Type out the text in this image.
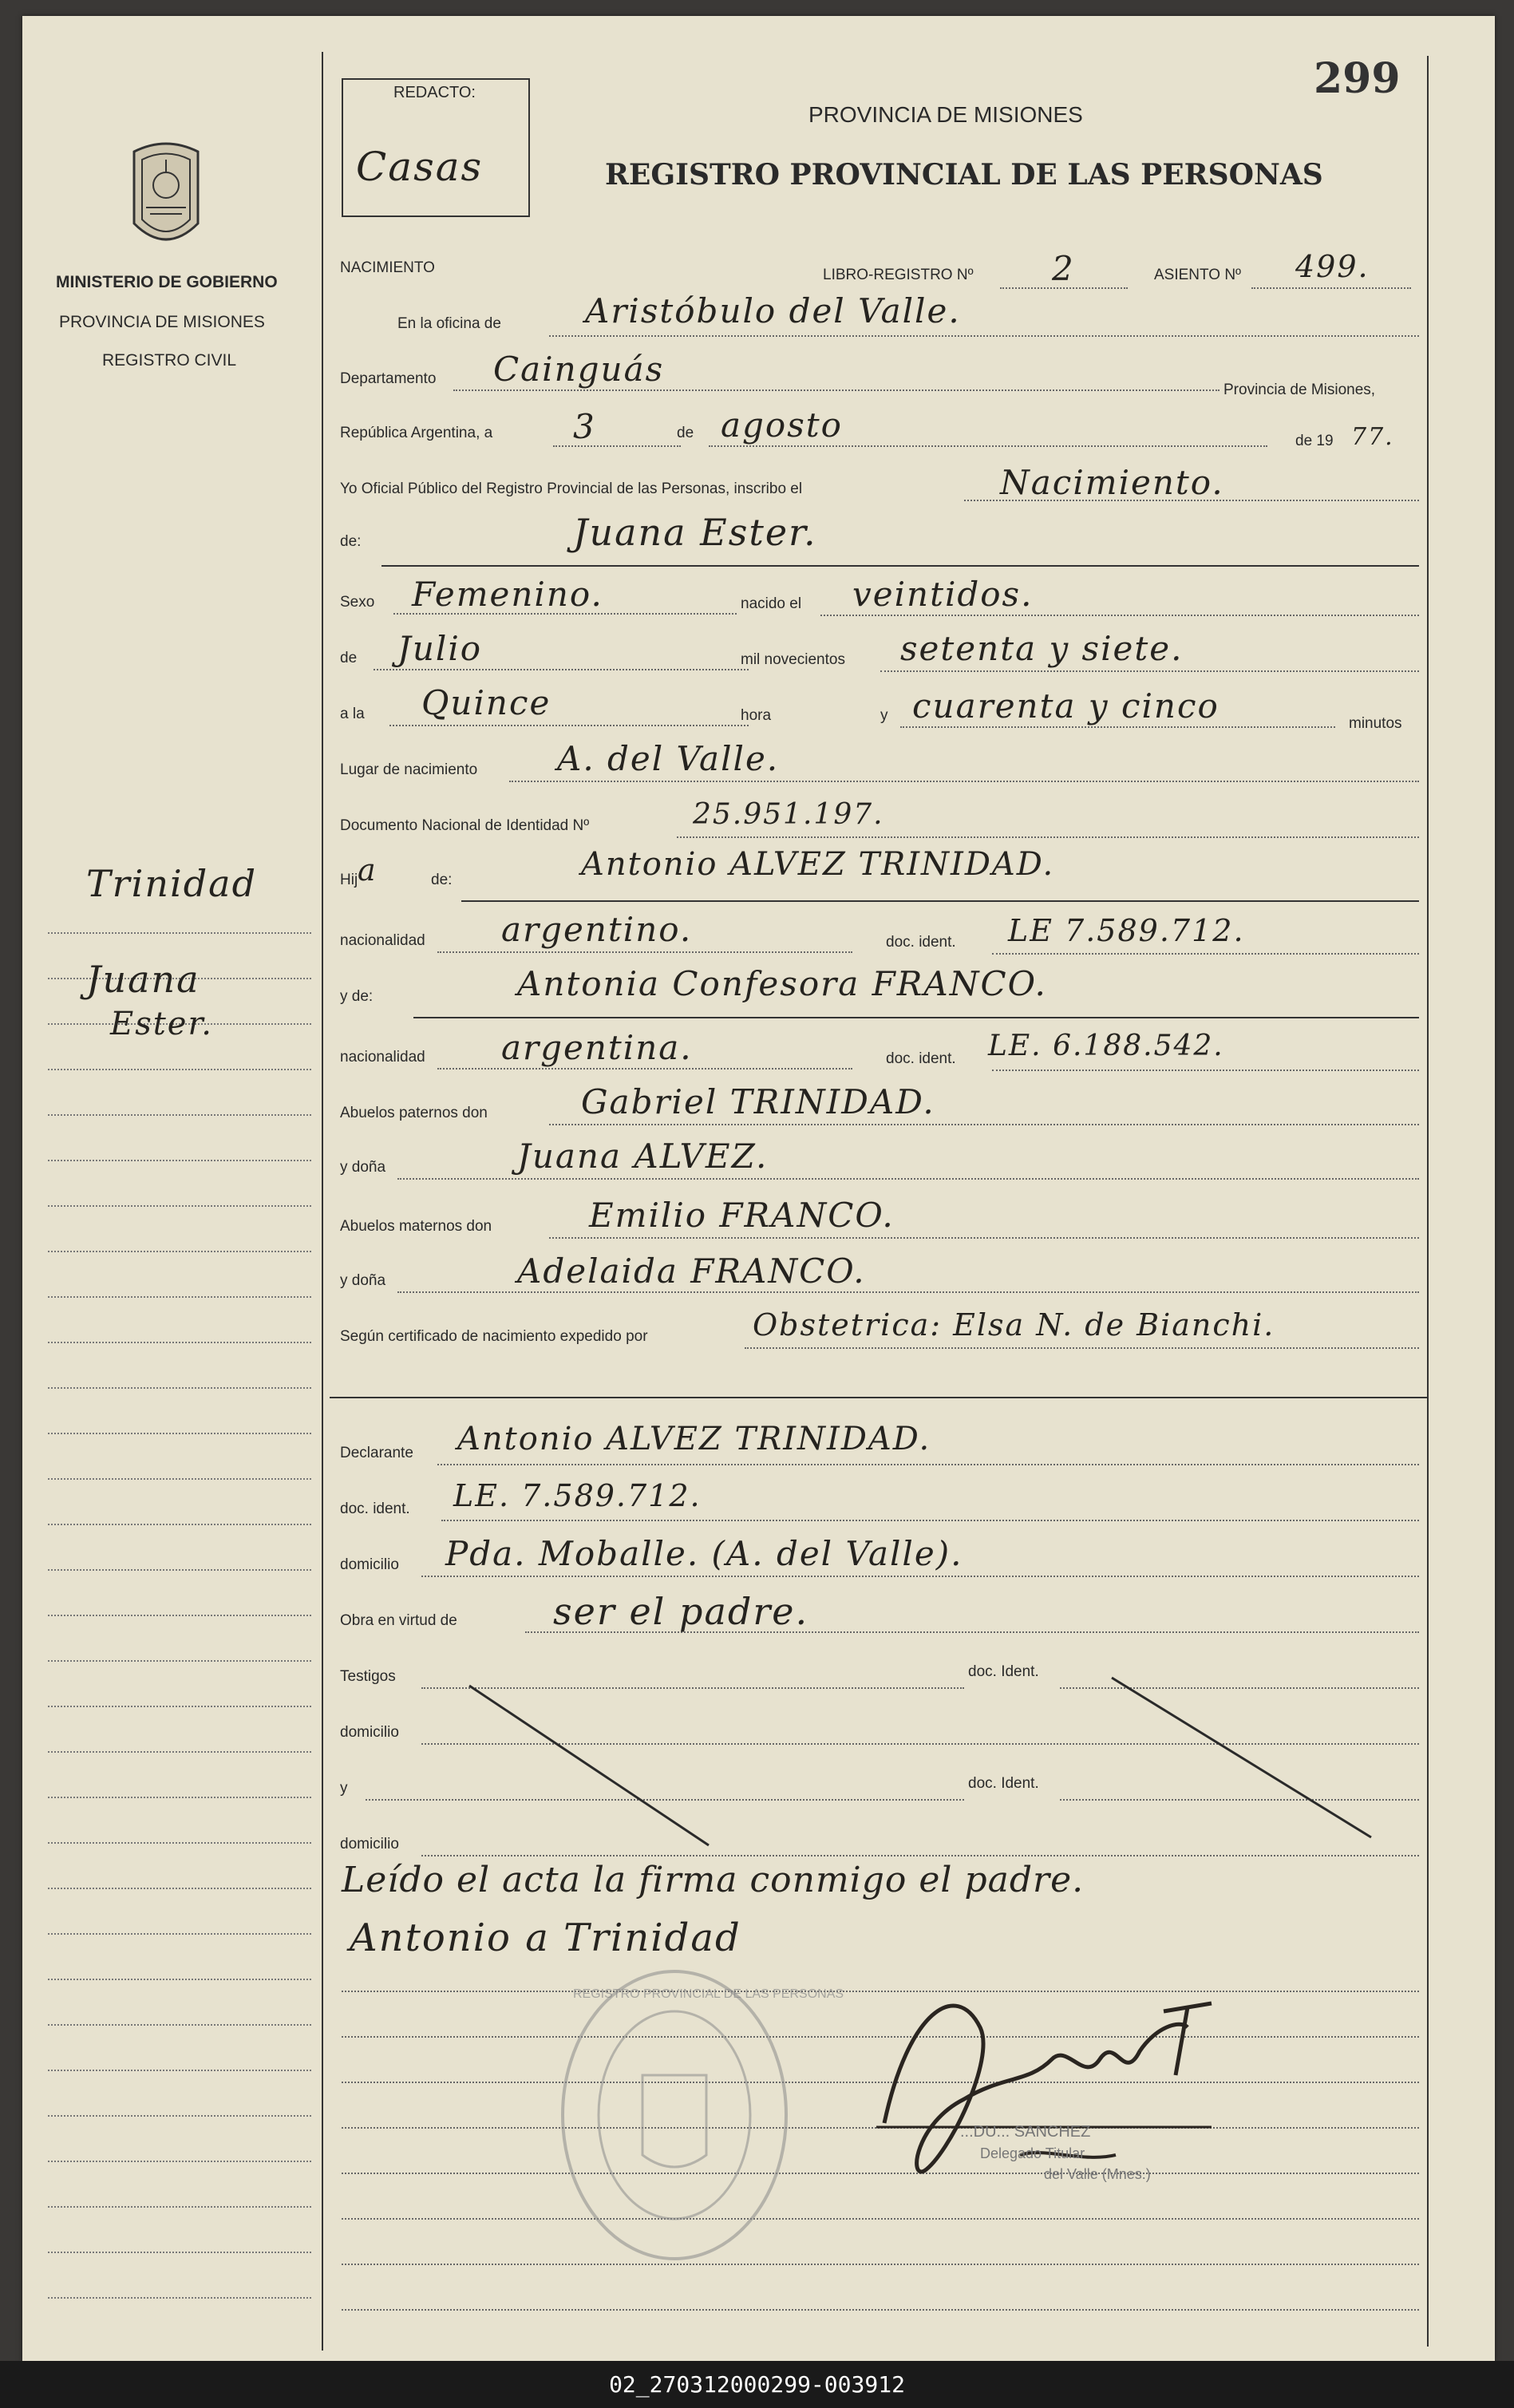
299
MINISTERIO DE GOBIERNO
PROVINCIA DE MISIONES
REGISTRO CIVIL
Trinidad
Juana
Ester.
REDACTO:
Casas
PROVINCIA DE MISIONES
REGISTRO PROVINCIAL DE LAS PERSONAS
NACIMIENTO	LIBRO-REGISTRO Nº 2	ASIENTO Nº 499.
En la oficina de	Aristóbulo del Valle.
Departamento Cainguás
Provincia de Misiones,
República Argentina, a 3	de agosto	de 19 77.
Yo Oficial Público del Registro Provincial de las Personas, inscribo el	Nacimiento.
de:	Juana Ester.
Sexo Femenino.	nacido el veintidos.
de Julio	mil novecientos setenta y siete.
a la Quince	hora	y cuarenta y cinco	minutos
Lugar de nacimiento A. del Valle.
Documento Nacional de Identidad Nº	25.951.197.
Hij a	de:	Antonio ALVEZ TRINIDAD.
nacionalidad argentino.	doc. ident. LE 7.589.712.
y de:	Antonia Confesora FRANCO.
nacionalidad argentina.	doc. ident. LE. 6.188.542.
Abuelos paternos don	Gabriel TRINIDAD.
y doña	Juana ALVEZ.
Abuelos maternos don	Emilio FRANCO.
y doña	Adelaida FRANCO.
Según certificado de nacimiento expedido por	Obstetrica: Elsa N. de Bianchi.
Declarante Antonio ALVEZ TRINIDAD.
doc. ident. LE. 7.589.712.
domicilio Pda. Moballe. (A. del Valle).
Obra en virtud de	ser el padre.
Testigos	doc. Ident.
domicilio
y	doc. Ident.
domicilio
Leído el acta la firma conmigo el padre.
Antonio a Trinidad
REGISTRO PROVINCIAL DE LAS PERSONAS
...DU... SANCHEZ
Delegado Titular
del Valle (Mnes.)
02_270312000299-003912
